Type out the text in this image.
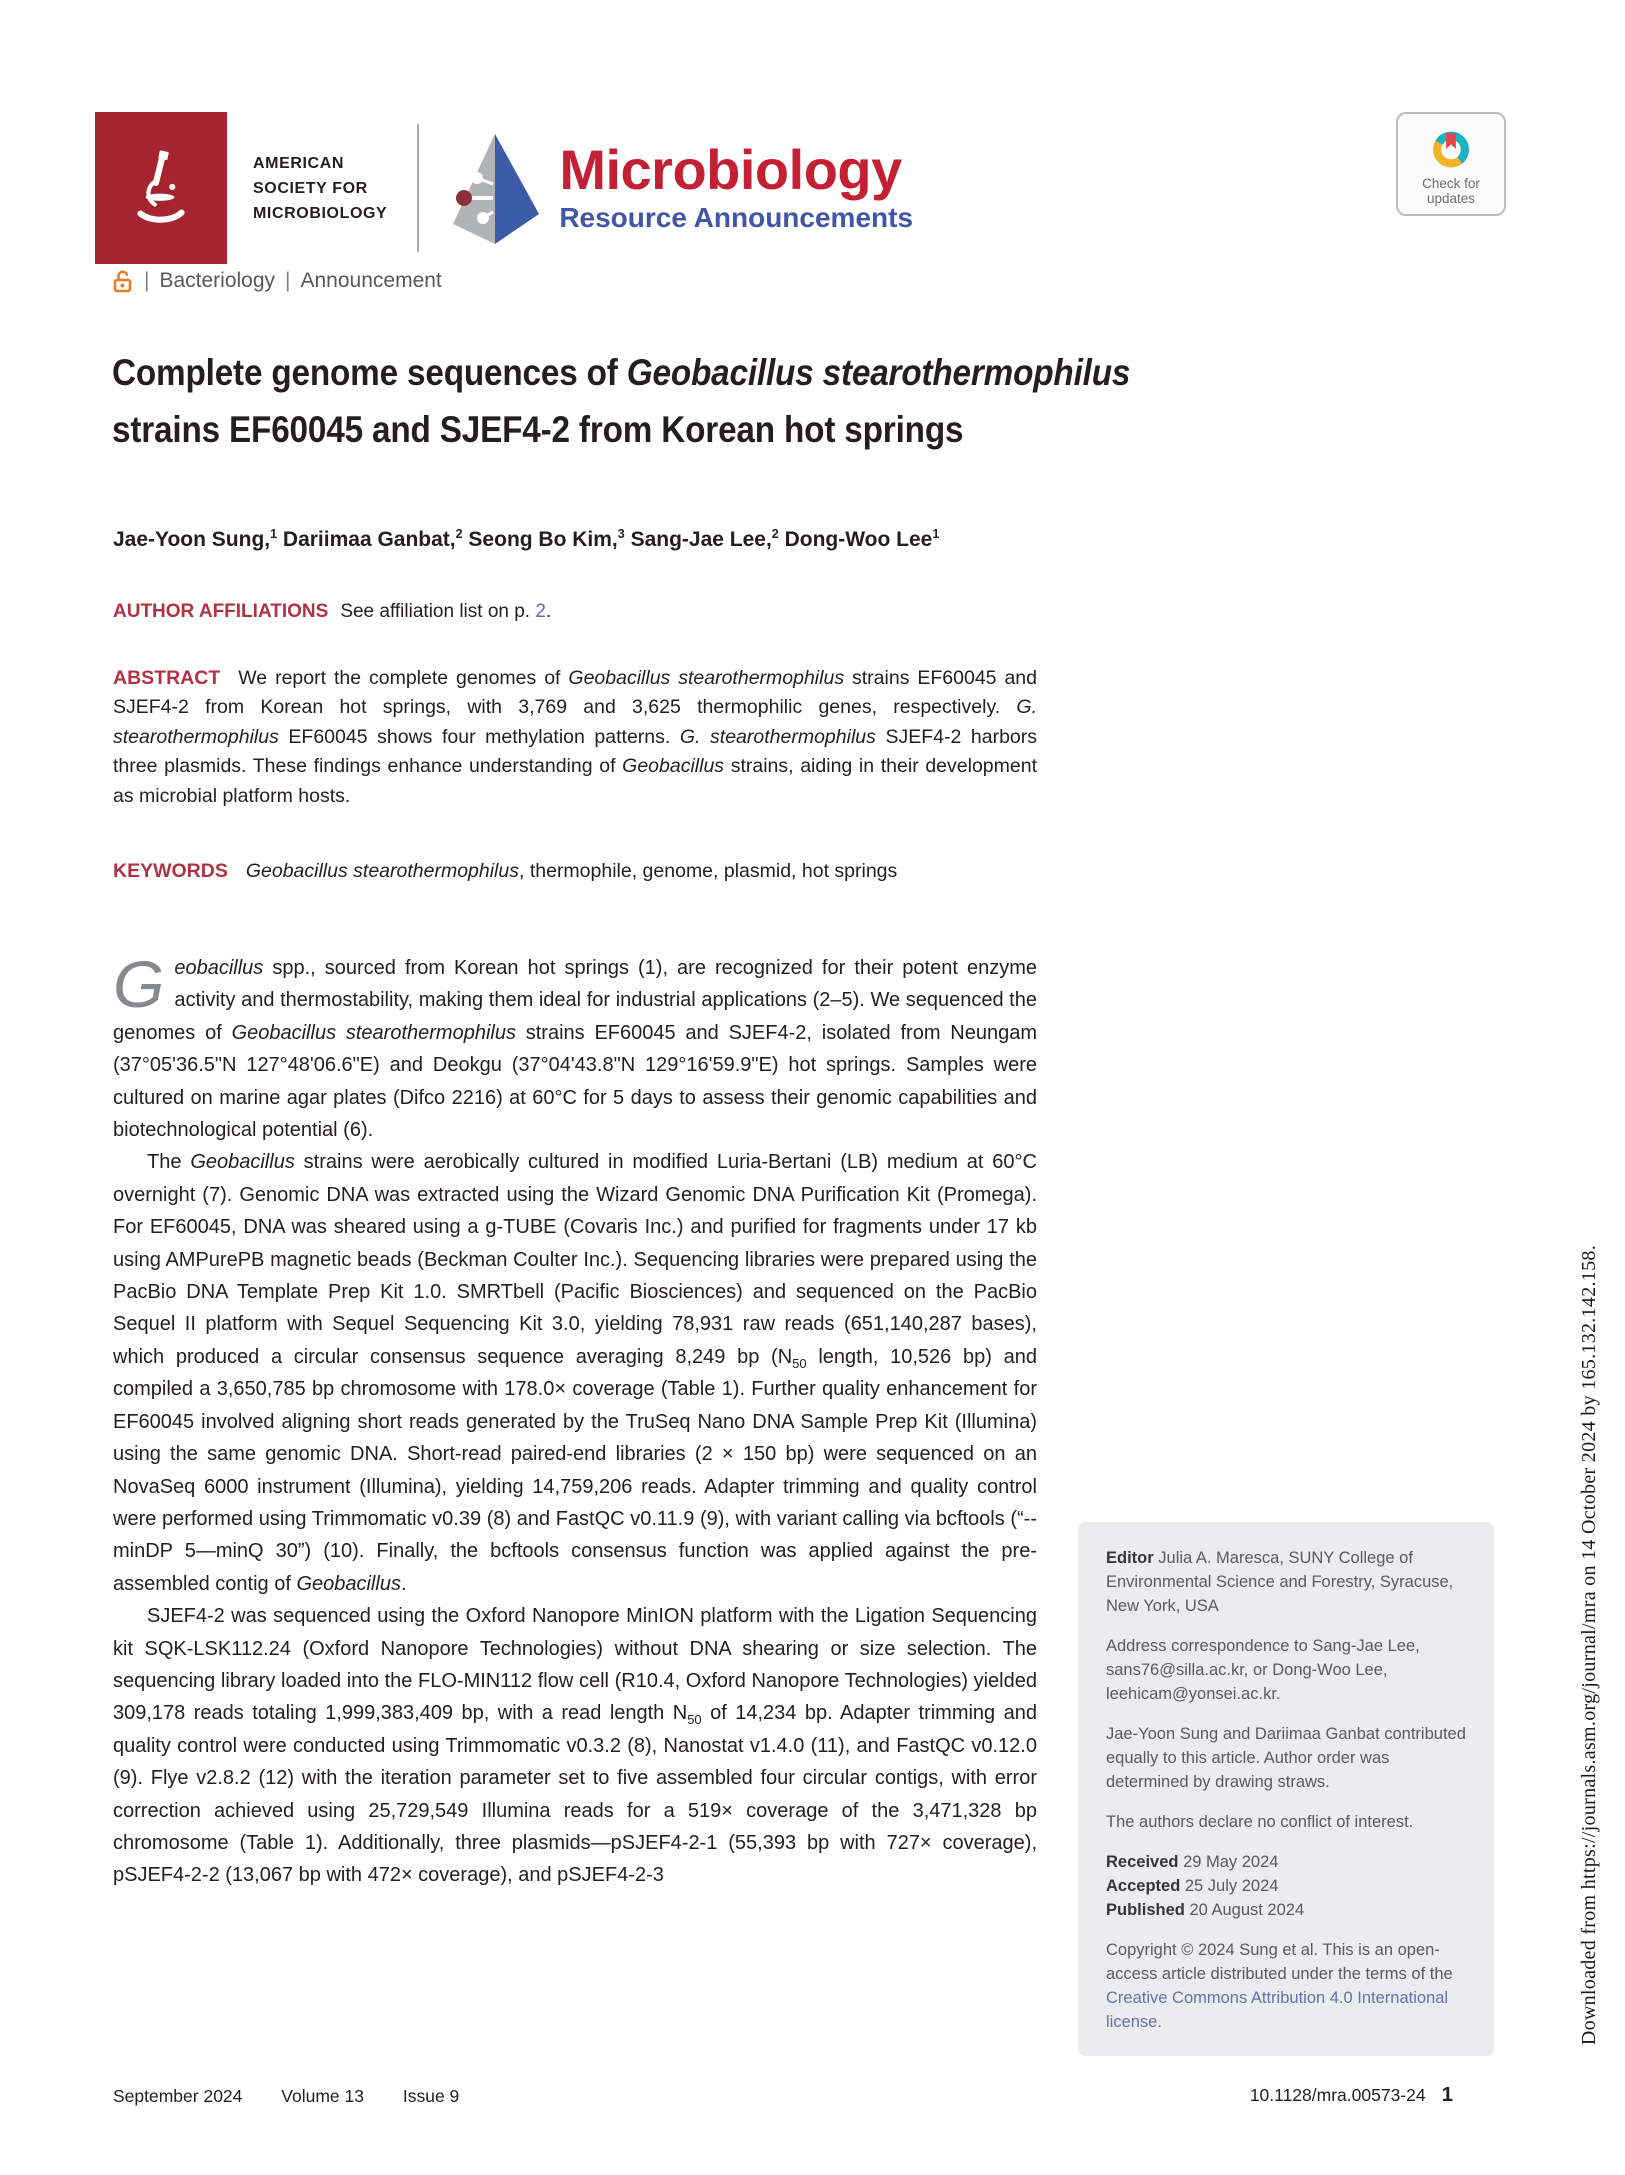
AMERICAN
SOCIETY FOR
MICROBIOLOGY
Microbiology
Resource Announcements
Check for
updates
| Bacteriology | Announcement
Complete genome sequences of Geobacillus stearothermophilus
strains EF60045 and SJEF4-2 from Korean hot springs
Jae-Yoon Sung,$^1$ Dariimaa Ganbat,$^2$ Seong Bo Kim,$^3$ Sang-Jae Lee,$^2$ Dong-Woo Lee$^1$
AUTHOR AFFILIATIONS See affiliation list on p. 2.

ABSTRACT We report the complete genomes of Geobacillus stearothermophilus strains EF60045 and SJEF4-2 from Korean hot springs, with 3,769 and 3,625 thermophilic genes, respectively. G. stearothermophilus EF60045 shows four methylation patterns. G. stearothermophilus SJEF4-2 harbors three plasmids. These findings enhance understanding of Geobacillus strains, aiding in their development as microbial platform hosts.

KEYWORDS Geobacillus stearothermophilus, thermophile, genome, plasmid, hot springs

Geobacillus spp., sourced from Korean hot springs (1), are recognized for their potent enzyme activity and thermostability, making them ideal for industrial applications (2–5). We sequenced the genomes of Geobacillus stearothermophilus strains EF60045 and SJEF4-2, isolated from Neungam (37°05'36.5"N 127°48'06.6"E) and Deokgu (37°04'43.8"N 129°16'59.9"E) hot springs. Samples were cultured on marine agar plates (Difco 2216) at 60°C for 5 days to assess their genomic capabilities and biotechnological potential (6).

The Geobacillus strains were aerobically cultured in modified Luria-Bertani (LB) medium at 60°C overnight (7). Genomic DNA was extracted using the Wizard Genomic DNA Purification Kit (Promega). For EF60045, DNA was sheared using a g-TUBE (Covaris Inc.) and purified for fragments under 17 kb using AMPurePB magnetic beads (Beckman Coulter Inc.). Sequencing libraries were prepared using the PacBio DNA Template Prep Kit 1.0. SMRTbell (Pacific Biosciences) and sequenced on the PacBio Sequel II platform with Sequel Sequencing Kit 3.0, yielding 78,931 raw reads (651,140,287 bases), which produced a circular consensus sequence averaging 8,249 bp ($N_{50}$ length, 10,526 bp) and compiled a 3,650,785 bp chromosome with 178.0× coverage (Table 1). Further quality enhancement for EF60045 involved aligning short reads generated by the TruSeq Nano DNA Sample Prep Kit (Illumina) using the same genomic DNA. Short-read paired-end libraries (2 × 150 bp) were sequenced on an NovaSeq 6000 instrument (Illumina), yielding 14,759,206 reads. Adapter trimming and quality control were performed using Trimmomatic v0.39 (8) and FastQC v0.11.9 (9), with variant calling via bcftools (“--minDP 5—minQ 30”) (10). Finally, the bcftools consensus function was applied against the pre-assembled contig of Geobacillus.

SJEF4-2 was sequenced using the Oxford Nanopore MinION platform with the Ligation Sequencing kit SQK-LSK112.24 (Oxford Nanopore Technologies) without DNA shearing or size selection. The sequencing library loaded into the FLO-MIN112 flow cell (R10.4, Oxford Nanopore Technologies) yielded 309,178 reads totaling 1,999,383,409 bp, with a read length $N_{50}$ of 14,234 bp. Adapter trimming and quality control were conducted using Trimmomatic v0.3.2 (8), Nanostat v1.4.0 (11), and FastQC v0.12.0 (9). Flye v2.8.2 (12) with the iteration parameter set to five assembled four circular contigs, with error correction achieved using 25,729,549 Illumina reads for a 519× coverage of the 3,471,328 bp chromosome (Table 1). Additionally, three plasmids—pSJEF4-2-1 (55,393 bp with 727× coverage), pSJEF4-2-2 (13,067 bp with 472× coverage), and pSJEF4-2-3

Editor Julia A. Maresca, SUNY College of Environmental Science and Forestry, Syracuse, New York, USA

Address correspondence to Sang-Jae Lee, sans76@silla.ac.kr, or Dong-Woo Lee, leehicam@yonsei.ac.kr.

Jae-Yoon Sung and Dariimaa Ganbat contributed equally to this article. Author order was determined by drawing straws.

The authors declare no conflict of interest.

Received 29 May 2024
Accepted 25 July 2024
Published 20 August 2024

Copyright © 2024 Sung et al. This is an open-access article distributed under the terms of the Creative Commons Attribution 4.0 International license.

September 2024 Volume 13 Issue 9	10.1128/mra.00573-24 1
Downloaded from https://journals.asm.org/journal/mra on 14 October 2024 by 165.132.142.158.
